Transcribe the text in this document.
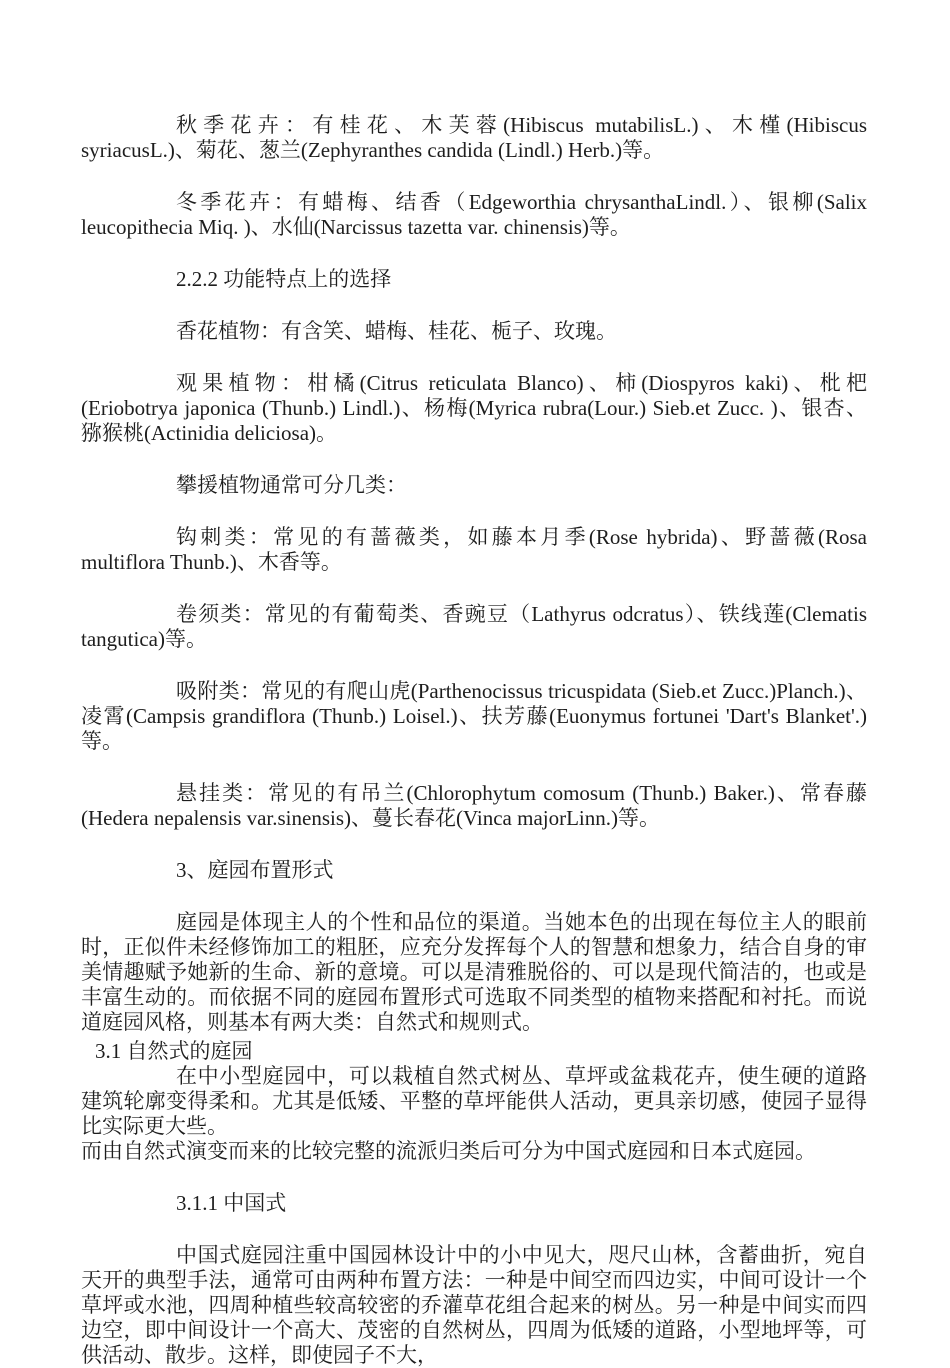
秋季花卉：有桂花、木芙蓉(Hibiscus mutabilisL.)、木槿(Hibiscus syriacusL.)、菊花、葱兰(Zephyranthes candida (Lindl.) Herb.)等。

冬季花卉：有蜡梅、结香（Edgeworthia chrysanthaLindl.）、银柳(Salix leucopithecia Miq. )、水仙(Narcissus tazetta var. chinensis)等。

2.2.2 功能特点上的选择

香花植物：有含笑、蜡梅、桂花、栀子、玫瑰。

观果植物：柑橘(Citrus reticulata Blanco)、柿(Diospyros kaki)、枇杷(Eriobotrya japonica (Thunb.) Lindl.)、杨梅(Myrica rubra(Lour.) Sieb.et Zucc. )、银杏、猕猴桃(Actinidia deliciosa)。

攀援植物通常可分几类：

钩刺类：常见的有蔷薇类，如藤本月季(Rose hybrida)、野蔷薇(Rosa multiflora Thunb.)、木香等。

卷须类：常见的有葡萄类、香豌豆（Lathyrus odcratus）、铁线莲(Clematis tangutica)等。

吸附类：常见的有爬山虎(Parthenocissus tricuspidata (Sieb.et Zucc.)Planch.)、凌霄(Campsis grandiflora (Thunb.) Loisel.)、扶芳藤(Euonymus fortunei 'Dart's Blanket'.)等。

悬挂类：常见的有吊兰(Chlorophytum comosum (Thunb.) Baker.)、常春藤(Hedera nepalensis var.sinensis)、蔓长春花(Vinca majorLinn.)等。

3、庭园布置形式

庭园是体现主人的个性和品位的渠道。当她本色的出现在每位主人的眼前时，正似件未经修饰加工的粗胚，应充分发挥每个人的智慧和想象力，结合自身的审美情趣赋予她新的生命、新的意境。可以是清雅脱俗的、可以是现代简洁的，也或是丰富生动的。而依据不同的庭园布置形式可选取不同类型的植物来搭配和衬托。而说道庭园风格，则基本有两大类：自然式和规则式。

3.1 自然式的庭园

在中小型庭园中，可以栽植自然式树丛、草坪或盆栽花卉，使生硬的道路建筑轮廓变得柔和。尤其是低矮、平整的草坪能供人活动，更具亲切感，使园子显得比实际更大些。

而由自然式演变而来的比较完整的流派归类后可分为中国式庭园和日本式庭园。

3.1.1 中国式

中国式庭园注重中国园林设计中的小中见大，咫尺山林，含蓄曲折，宛自天开的典型手法，通常可由两种布置方法：一种是中间空而四边实，中间可设计一个草坪或水池，四周种植些较高较密的乔灌草花组合起来的树丛。另一种是中间实而四边空，即中间设计一个高大、茂密的自然树丛，四周为低矮的道路，小型地坪等，可供活动、散步。这样，即使园子不大，
